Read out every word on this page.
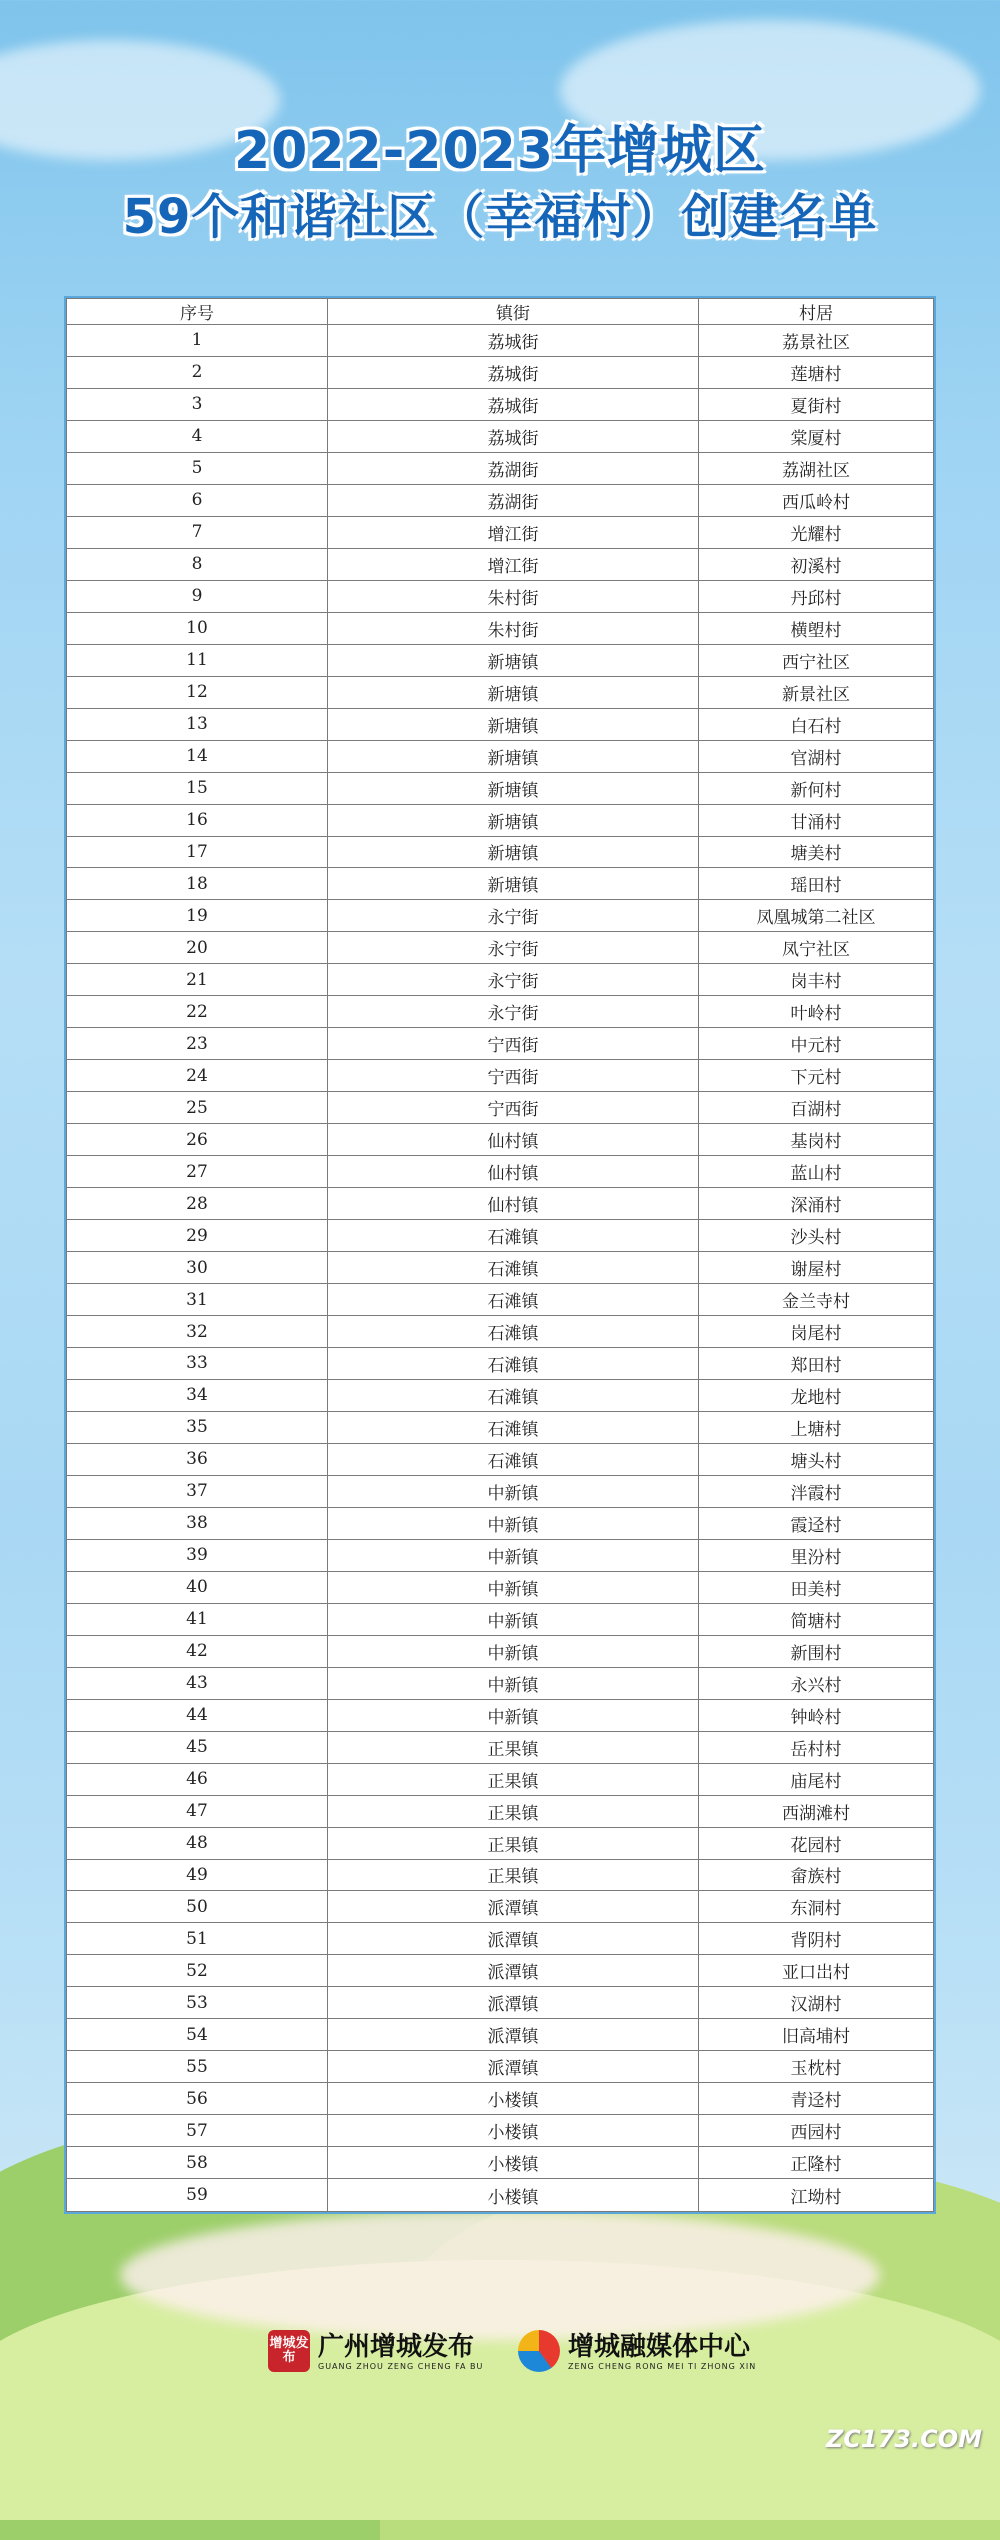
2022-2023年增城区
59个和谐社区（幸福村）创建名单
序号	镇街	村居
1	荔城街	荔景社区
2	荔城街	莲塘村
3	荔城街	夏街村
4	荔城街	棠厦村
5	荔湖街	荔湖社区
6	荔湖街	西瓜岭村
7	增江街	光耀村
8	增江街	初溪村
9	朱村街	丹邱村
10	朱村街	横塱村
11	新塘镇	西宁社区
12	新塘镇	新景社区
13	新塘镇	白石村
14	新塘镇	官湖村
15	新塘镇	新何村
16	新塘镇	甘涌村
17	新塘镇	塘美村
18	新塘镇	瑶田村
19	永宁街	凤凰城第二社区
20	永宁街	凤宁社区
21	永宁街	岗丰村
22	永宁街	叶岭村
23	宁西街	中元村
24	宁西街	下元村
25	宁西街	百湖村
26	仙村镇	基岗村
27	仙村镇	蓝山村
28	仙村镇	深涌村
29	石滩镇	沙头村
30	石滩镇	谢屋村
31	石滩镇	金兰寺村
32	石滩镇	岗尾村
33	石滩镇	郑田村
34	石滩镇	龙地村
35	石滩镇	上塘村
36	石滩镇	塘头村
37	中新镇	泮霞村
38	中新镇	霞迳村
39	中新镇	里汾村
40	中新镇	田美村
41	中新镇	简塘村
42	中新镇	新围村
43	中新镇	永兴村
44	中新镇	钟岭村
45	正果镇	岳村村
46	正果镇	庙尾村
47	正果镇	西湖滩村
48	正果镇	花园村
49	正果镇	畲族村
50	派潭镇	东洞村
51	派潭镇	背阴村
52	派潭镇	亚口岀村
53	派潭镇	汉湖村
54	派潭镇	旧高埔村
55	派潭镇	玉枕村
56	小楼镇	青迳村
57	小楼镇	西园村
58	小楼镇	正隆村
59	小楼镇	江坳村
增城发布 广州增城发布
GUANG ZHOU ZENG CHENG FA BU
增城融媒体中心
ZENG CHENG RONG MEI TI ZHONG XIN
ZC173.COM
